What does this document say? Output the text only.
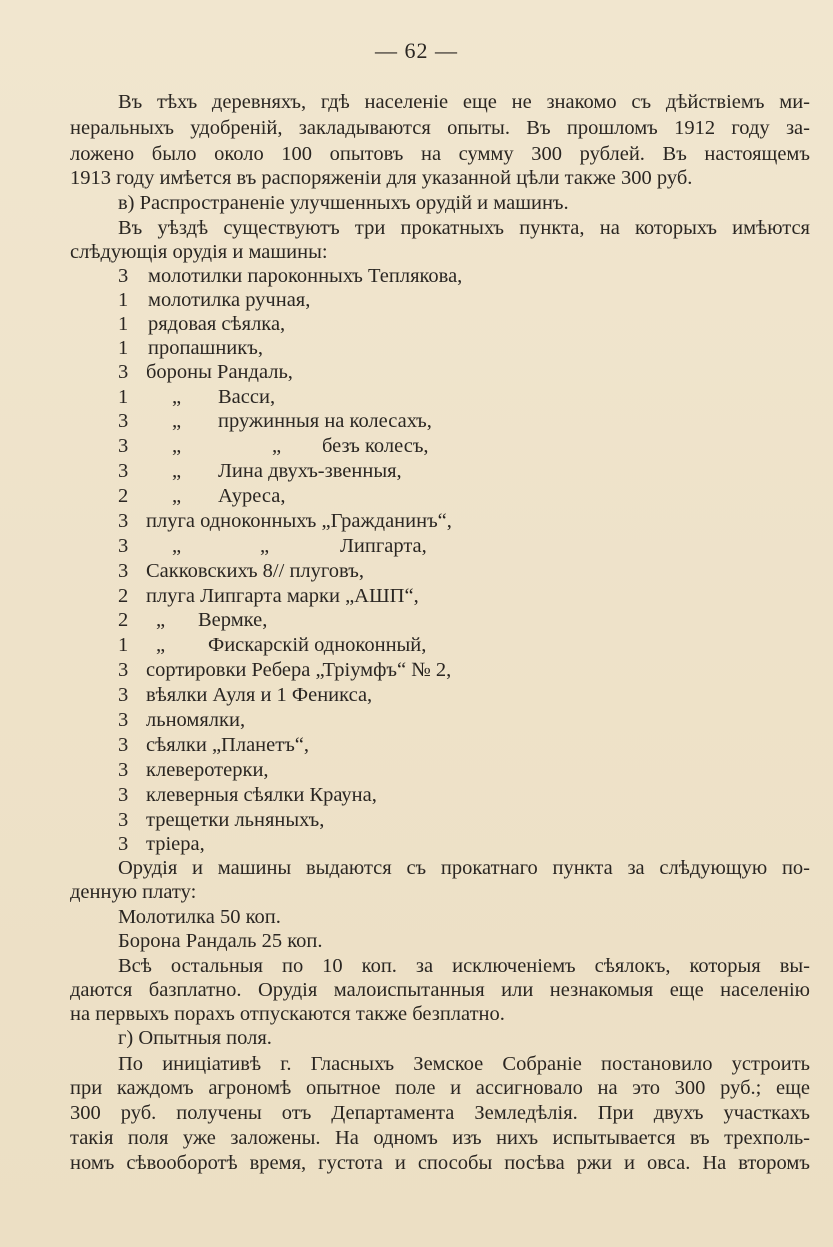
— 62 —
Въ тѣхъ деревняхъ, гдѣ населеніе еще не знакомо съ дѣйствіемъ ми-
неральныхъ удобреній, закладываются опыты. Въ прошломъ 1912 году за-
ложено было около 100 опытовъ на сумму 300 рублей. Въ настоящемъ
1913 году имѣется въ распоряженіи для указанной цѣли также 300 руб.
в) Распространеніе улучшенныхъ орудій и машинъ.
Въ уѣздѣ существуютъ три прокатныхъ пункта, на которыхъ имѣются
слѣдующія орудія и машины:
3 молотилки пароконныхъ Теплякова,
1 молотилка ручная,
1 рядовая сѣялка,
1 пропашникъ,
3 бороны Рандаль,
1 „ Васси,
3 „ пружинныя на колесахъ,
3 „	„ безъ колесъ,
3 „ Лина двухъ-звенныя,
2 „ Ауреса,
3 плуга одноконныхъ „Гражданинъ“,
3 „	„	Липгарта,
3 Сакковскихъ 8// плуговъ,
2 плуга Липгарта марки „АШП“,
2 „ Вермке,
1 „ Фискарскій одноконный,
3 сортировки Ребера „Тріумфъ“ № 2,
3 вѣялки Ауля и 1 Феникса,
3 льномялки,
3 сѣялки „Планетъ“,
3 клеверотерки,
3 клеверныя сѣялки Крауна,
3 трещетки льняныхъ,
3 тріера,
Орудія и машины выдаются съ прокатнаго пункта за слѣдующую по-
денную плату:
Молотилка 50 коп.
Борона Рандаль 25 коп.
Всѣ остальныя по 10 коп. за исключеніемъ сѣялокъ, которыя вы-
даются базплатно. Орудія малоиспытанныя или незнакомыя еще населенію
на первыхъ порахъ отпускаются также безплатно.
г) Опытныя поля.
По иниціативѣ г. Гласныхъ Земское Собраніе постановило устроить
при каждомъ агрономѣ опытное поле и ассигновало на это 300 руб.; еще
300 руб. получены отъ Департамента Земледѣлія. При двухъ участкахъ
такія поля уже заложены. На одномъ изъ нихъ испытывается въ трехполь-
номъ сѣвооборотѣ время, густота и способы посѣва ржи и овса. На второмъ
